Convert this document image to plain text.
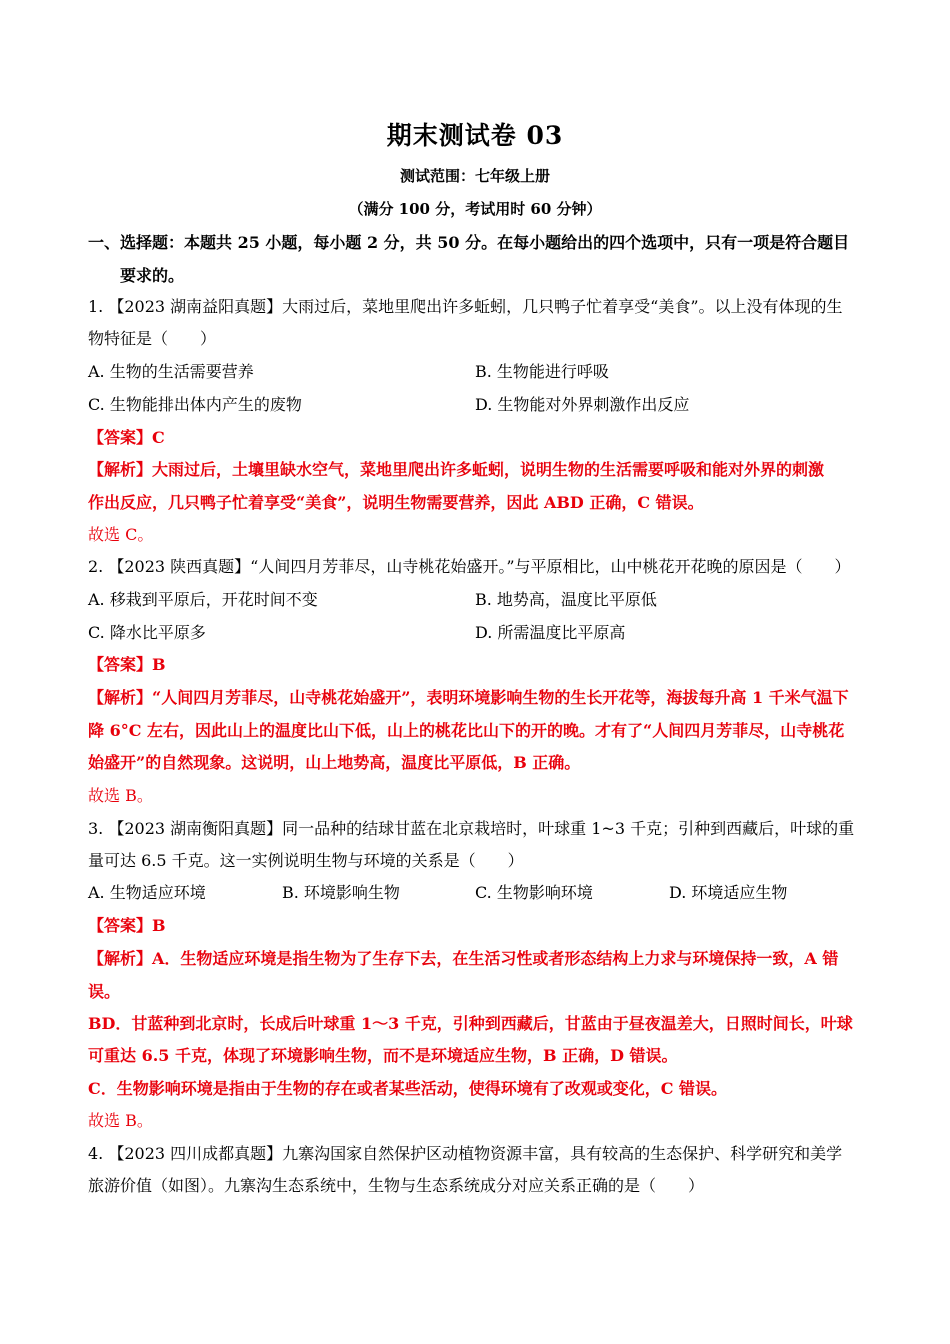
期末测试卷 03
测试范围：七年级上册
（满分 100 分，考试用时 60 分钟）
一、选择题：本题共 25 小题，每小题 2 分，共 50 分。在每小题给出的四个选项中，只有一项是符合题目
要求的。
1. 【2023 湖南益阳真题】大雨过后，菜地里爬出许多蚯蚓，几只鸭子忙着享受“美食”。以上没有体现的生
物特征是（　　）
A. 生物的生活需要营养	B. 生物能进行呼吸
C. 生物能排出体内产生的废物	D. 生物能对外界刺激作出反应
【答案】C
【解析】大雨过后，土壤里缺水空气，菜地里爬出许多蚯蚓，说明生物的生活需要呼吸和能对外界的刺激
作出反应，几只鸭子忙着享受“美食”，说明生物需要营养，因此 ABD 正确，C 错误。
故选 C。
2. 【2023 陕西真题】“人间四月芳菲尽，山寺桃花始盛开。”与平原相比，山中桃花开花晚的原因是（　　）
A. 移栽到平原后，开花时间不变	B. 地势高，温度比平原低
C. 降水比平原多	D. 所需温度比平原高
【答案】B
【解析】“人间四月芳菲尽，山寺桃花始盛开”，表明环境影响生物的生长开花等，海拔每升高 1 千米气温下
降 6°C 左右，因此山上的温度比山下低，山上的桃花比山下的开的晚。才有了“人间四月芳菲尽，山寺桃花
始盛开”的自然现象。这说明，山上地势高，温度比平原低，B 正确。
故选 B。
3. 【2023 湖南衡阳真题】同一品种的结球甘蓝在北京栽培时，叶球重 1~3 千克；引种到西藏后，叶球的重
量可达 6.5 千克。这一实例说明生物与环境的关系是（　　）
A. 生物适应环境	B. 环境影响生物	C. 生物影响环境	D. 环境适应生物
【答案】B
【解析】A．生物适应环境是指生物为了生存下去，在生活习性或者形态结构上力求与环境保持一致，A 错
误。
BD．甘蓝种到北京时，长成后叶球重 1～3 千克，引种到西藏后，甘蓝由于昼夜温差大，日照时间长，叶球
可重达 6.5 千克，体现了环境影响生物，而不是环境适应生物，B 正确，D 错误。
C．生物影响环境是指由于生物的存在或者某些活动，使得环境有了改观或变化，C 错误。
故选 B。
4. 【2023 四川成都真题】九寨沟国家自然保护区动植物资源丰富，具有较高的生态保护、科学研究和美学
旅游价值（如图）。九寨沟生态系统中，生物与生态系统成分对应关系正确的是（　　）
